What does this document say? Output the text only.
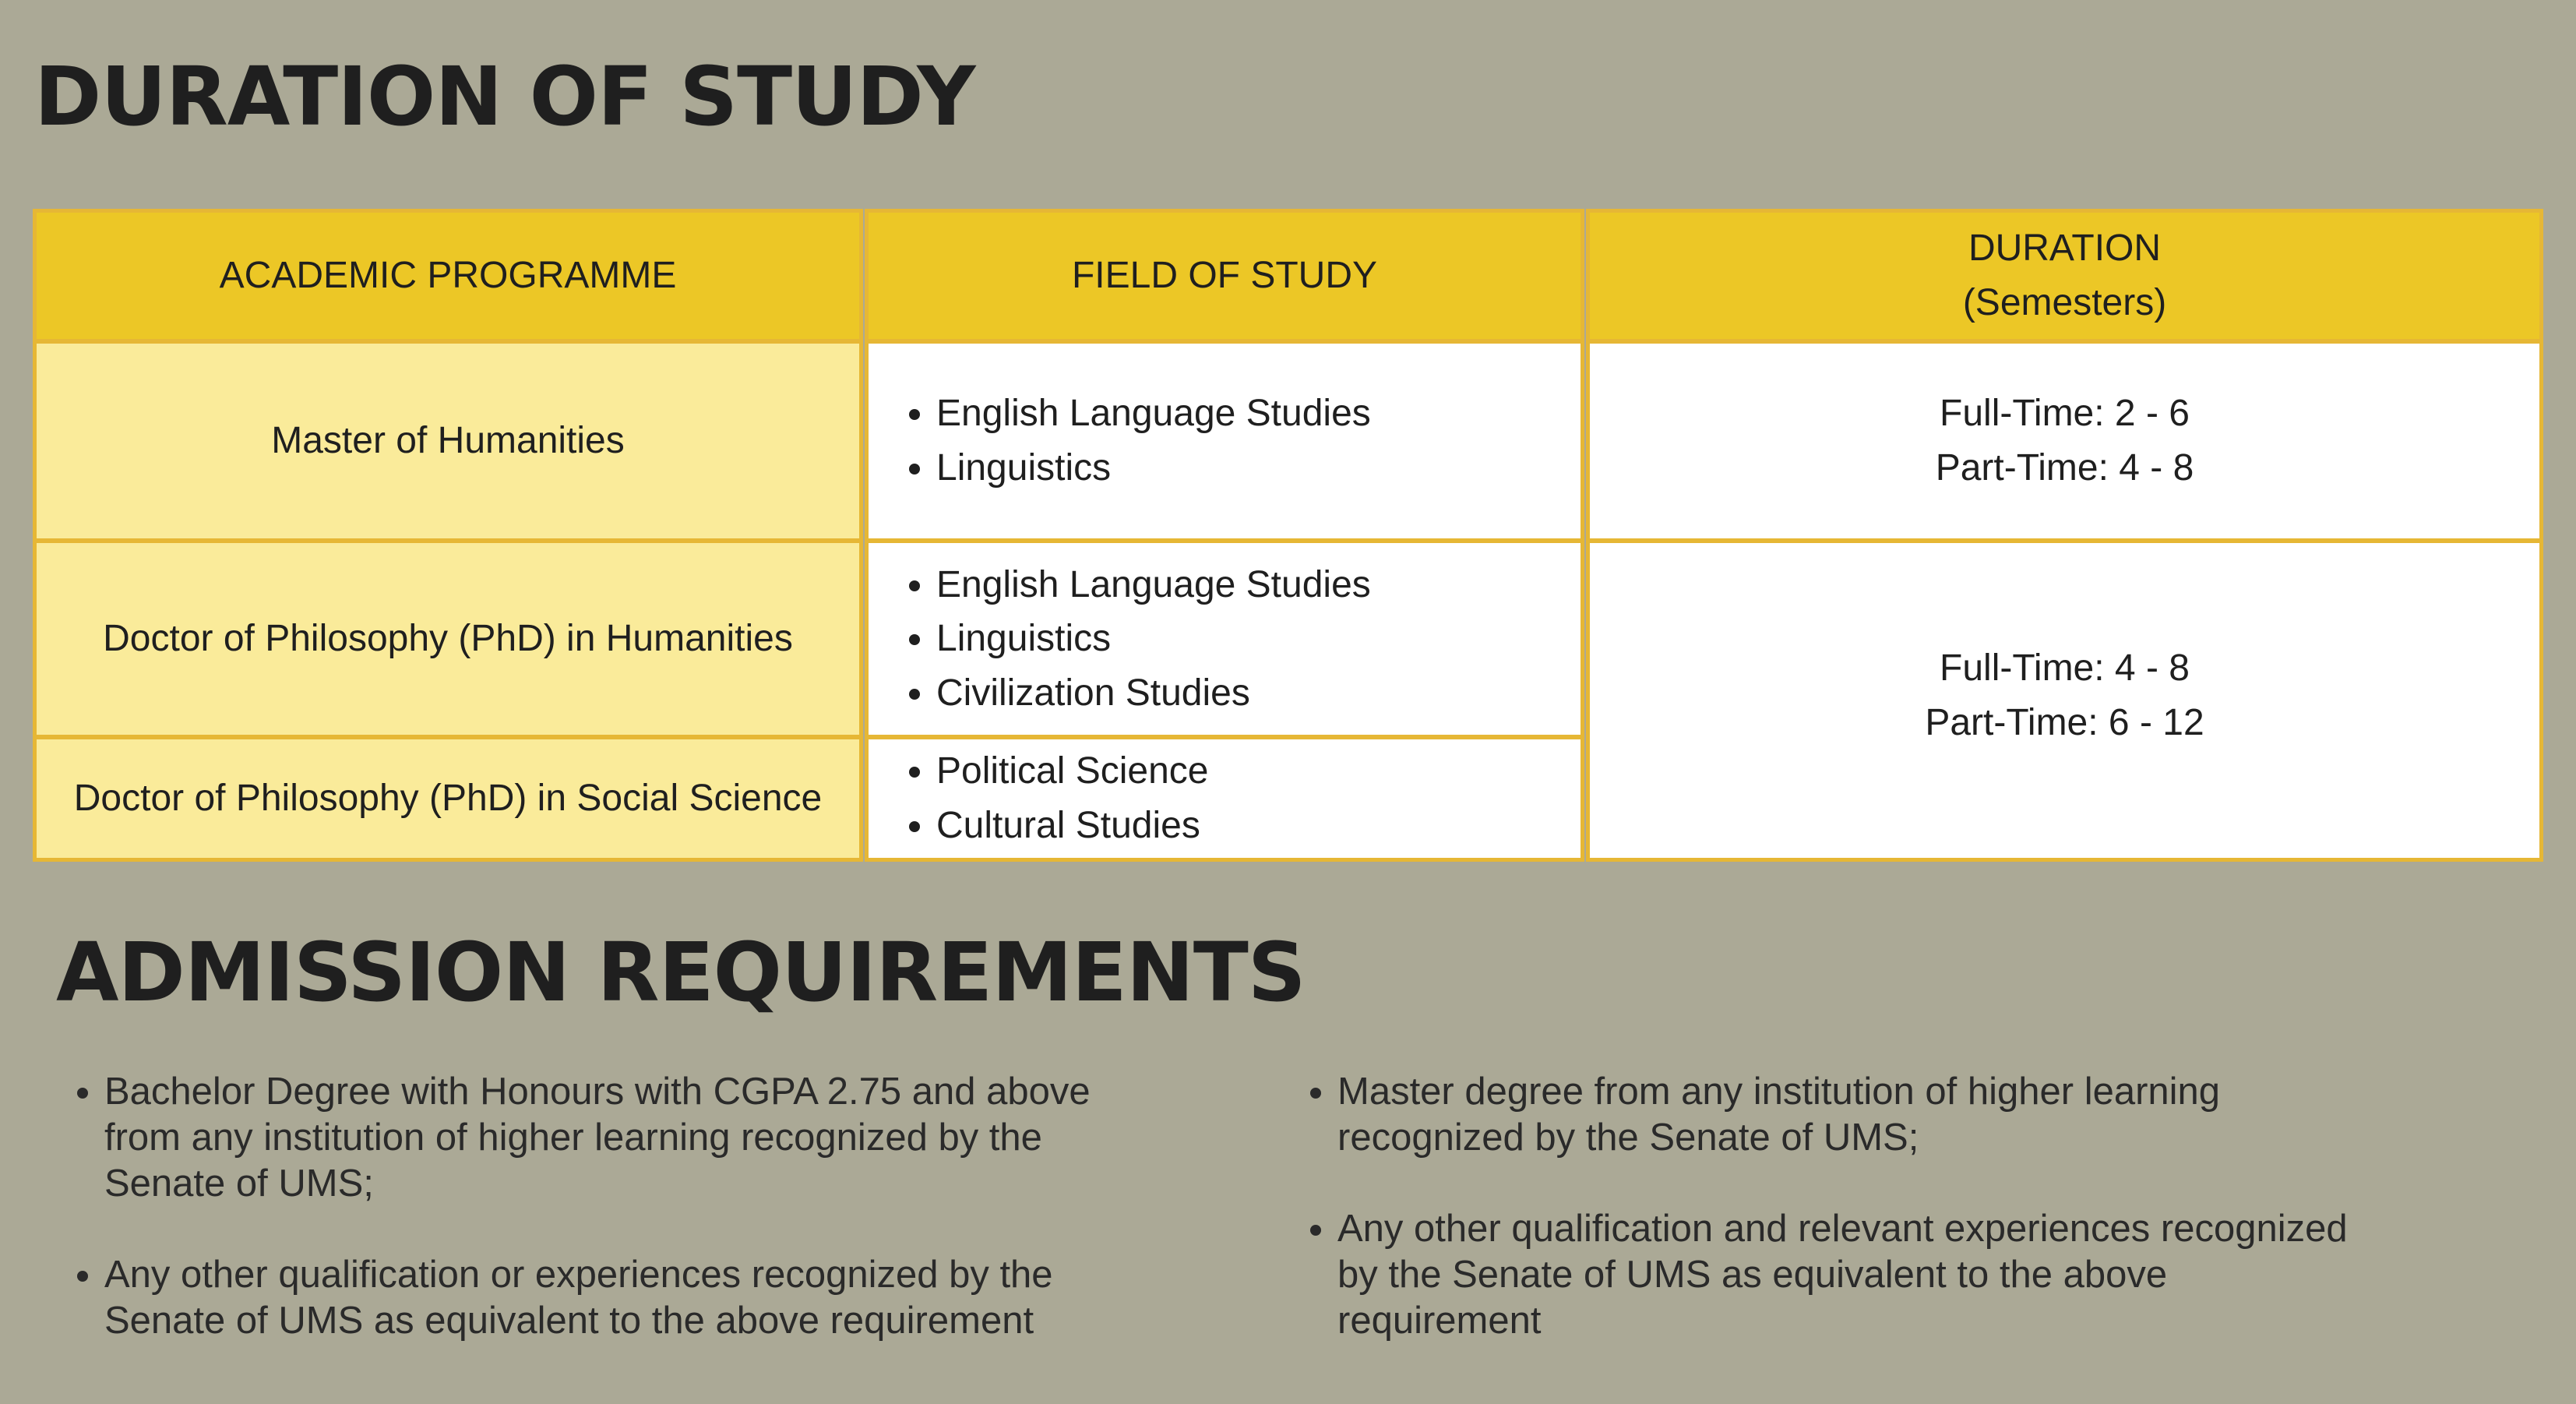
DURATION OF STUDY
ACADEMIC PROGRAMME	FIELD OF STUDY
DURATION
(Semesters)
Master of Humanities
• English Language Studies
• Linguistics
Full-Time: 2 - 6
Part-Time: 4 - 8
Doctor of Philosophy (PhD) in Humanities
• English Language Studies
• Linguistics
• Civilization Studies
Doctor of Philosophy (PhD) in Social Science
• Political Science
• Cultural Studies
Full-Time: 4 - 8
Part-Time: 6 - 12
ADMISSION REQUIREMENTS
• Bachelor Degree with Honours with CGPA 2.75 and above from any institution of higher learning recognized by the Senate of UMS;
• Any other qualification or experiences recognized by the Senate of UMS as equivalent to the above requirement
• Master degree from any institution of higher learning recognized by the Senate of UMS;
• Any other qualification and relevant experiences recognized by the Senate of UMS as equivalent to the above requirement
